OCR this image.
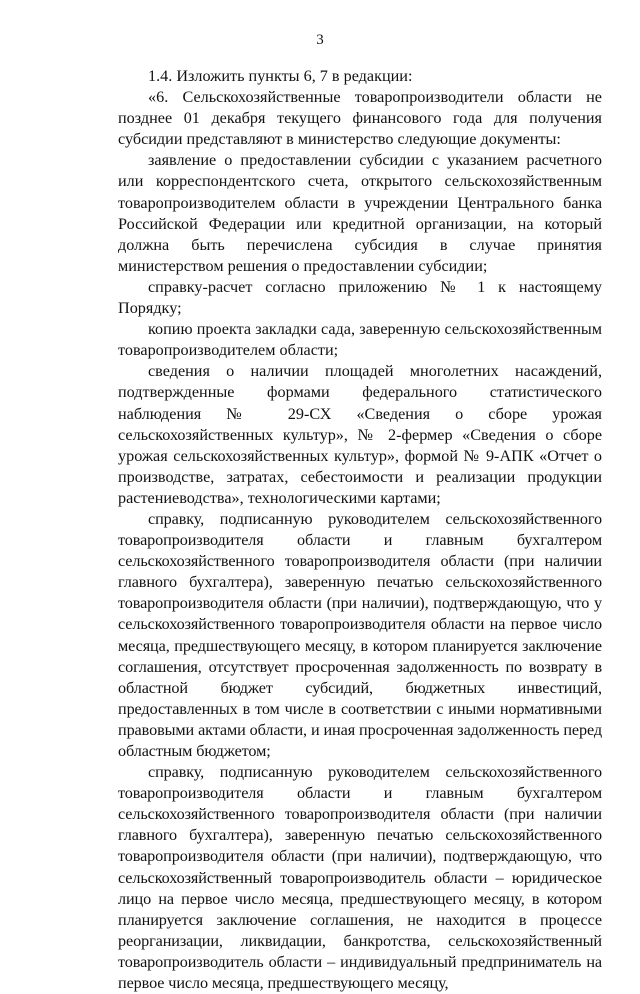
3

1.4. Изложить пункты 6, 7 в редакции:

«6. Сельскохозяйственные товаропроизводители области не позднее 01 декабря текущего финансового года для получения субсидии представляют в министерство следующие документы:

заявление о предоставлении субсидии с указанием расчетного или корреспондентского счета, открытого сельскохозяйственным товаропроизводителем области в учреждении Центрального банка Российской Федерации или кредитной организации, на который должна быть перечислена субсидия в случае принятия министерством решения о предоставлении субсидии;

справку-расчет согласно приложению № 1 к настоящему Порядку;

копию проекта закладки сада, заверенную сельскохозяйственным товаропроизводителем области;

сведения о наличии площадей многолетних насаждений, подтвержденные формами федерального статистического наблюдения № 29-СХ «Сведения о сборе урожая сельскохозяйственных культур», № 2-фермер «Сведения о сборе урожая сельскохозяйственных культур», формой № 9-АПК «Отчет о производстве, затратах, себестоимости и реализации продукции растениеводства», технологическими картами;

справку, подписанную руководителем сельскохозяйственного товаропроизводителя области и главным бухгалтером сельскохозяйственного товаропроизводителя области (при наличии главного бухгалтера), заверенную печатью сельскохозяйственного товаропроизводителя области (при наличии), подтверждающую, что у сельскохозяйственного товаропроизводителя области на первое число месяца, предшествующего месяцу, в котором планируется заключение соглашения, отсутствует просроченная задолженность по возврату в областной бюджет субсидий, бюджетных инвестиций, предоставленных в том числе в соответствии с иными нормативными правовыми актами области, и иная просроченная задолженность перед областным бюджетом;

справку, подписанную руководителем сельскохозяйственного товаропроизводителя области и главным бухгалтером сельскохозяйственного товаропроизводителя области (при наличии главного бухгалтера), заверенную печатью сельскохозяйственного товаропроизводителя области (при наличии), подтверждающую, что сельскохозяйственный товаропроизводитель области – юридическое лицо на первое число месяца, предшествующего месяцу, в котором планируется заключение соглашения, не находится в процессе реорганизации, ликвидации, банкротства, сельскохозяйственный товаропроизводитель области – индивидуальный предприниматель на первое число месяца, предшествующего месяцу,
